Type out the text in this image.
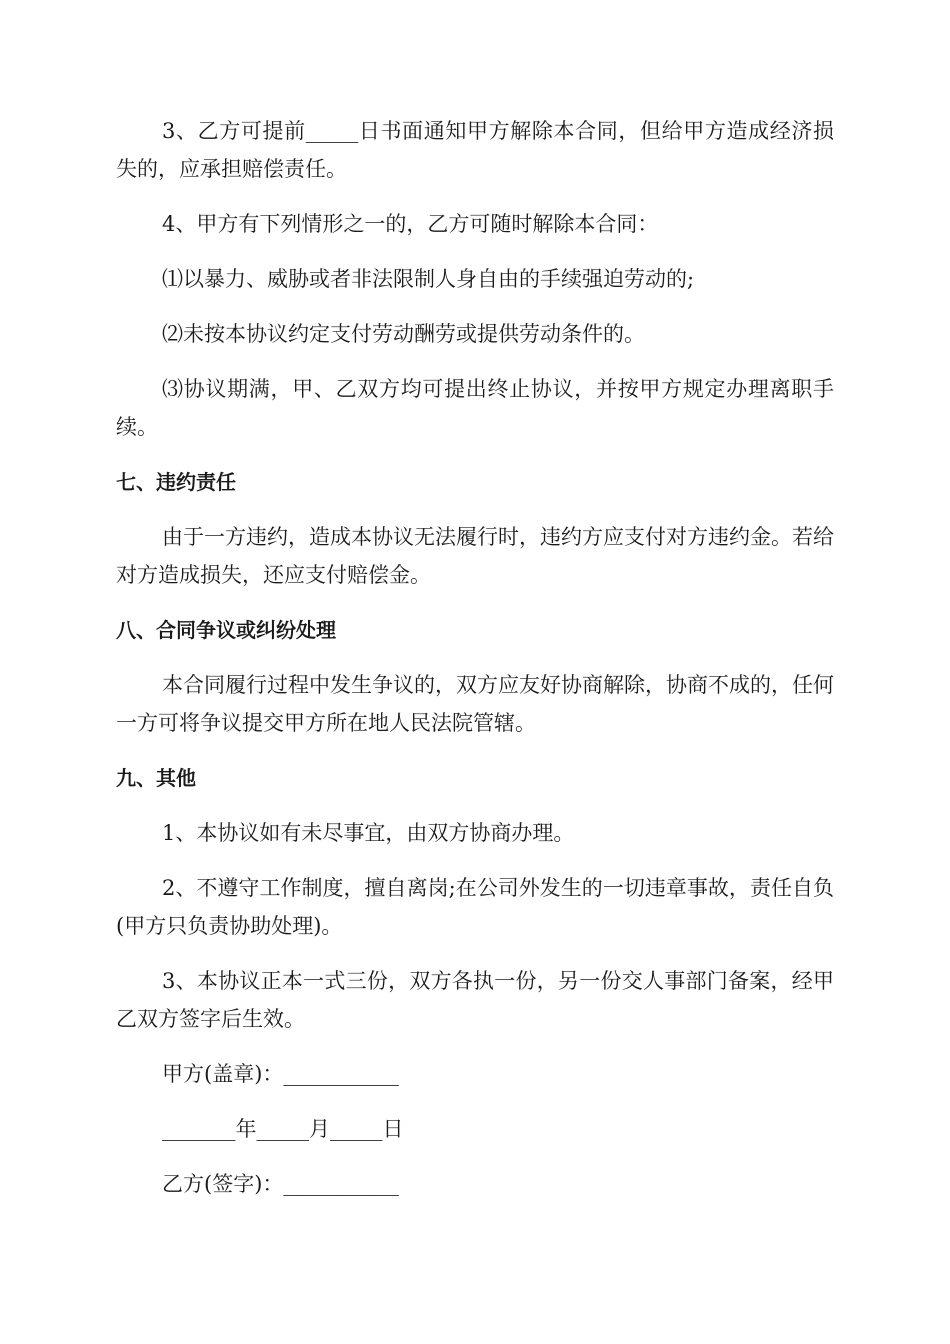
3、乙方可提前_____日书面通知甲方解除本合同，但给甲方造成经济损失的，应承担赔偿责任。

4、甲方有下列情形之一的，乙方可随时解除本合同：

⑴以暴力、威胁或者非法限制人身自由的手续强迫劳动的;

⑵未按本协议约定支付劳动酬劳或提供劳动条件的。

⑶协议期满，甲、乙双方均可提出终止协议，并按甲方规定办理离职手续。

七、违约责任

由于一方违约，造成本协议无法履行时，违约方应支付对方违约金。若给对方造成损失，还应支付赔偿金。

八、合同争议或纠纷处理

本合同履行过程中发生争议的，双方应友好协商解除，协商不成的，任何一方可将争议提交甲方所在地人民法院管辖。

九、其他

1、本协议如有未尽事宜，由双方协商办理。

2、不遵守工作制度，擅自离岗;在公司外发生的一切违章事故，责任自负(甲方只负责协助处理)。

3、本协议正本一式三份，双方各执一份，另一份交人事部门备案，经甲乙双方签字后生效。

甲方(盖章)：___________

_______年_____月_____日

乙方(签字)：___________
